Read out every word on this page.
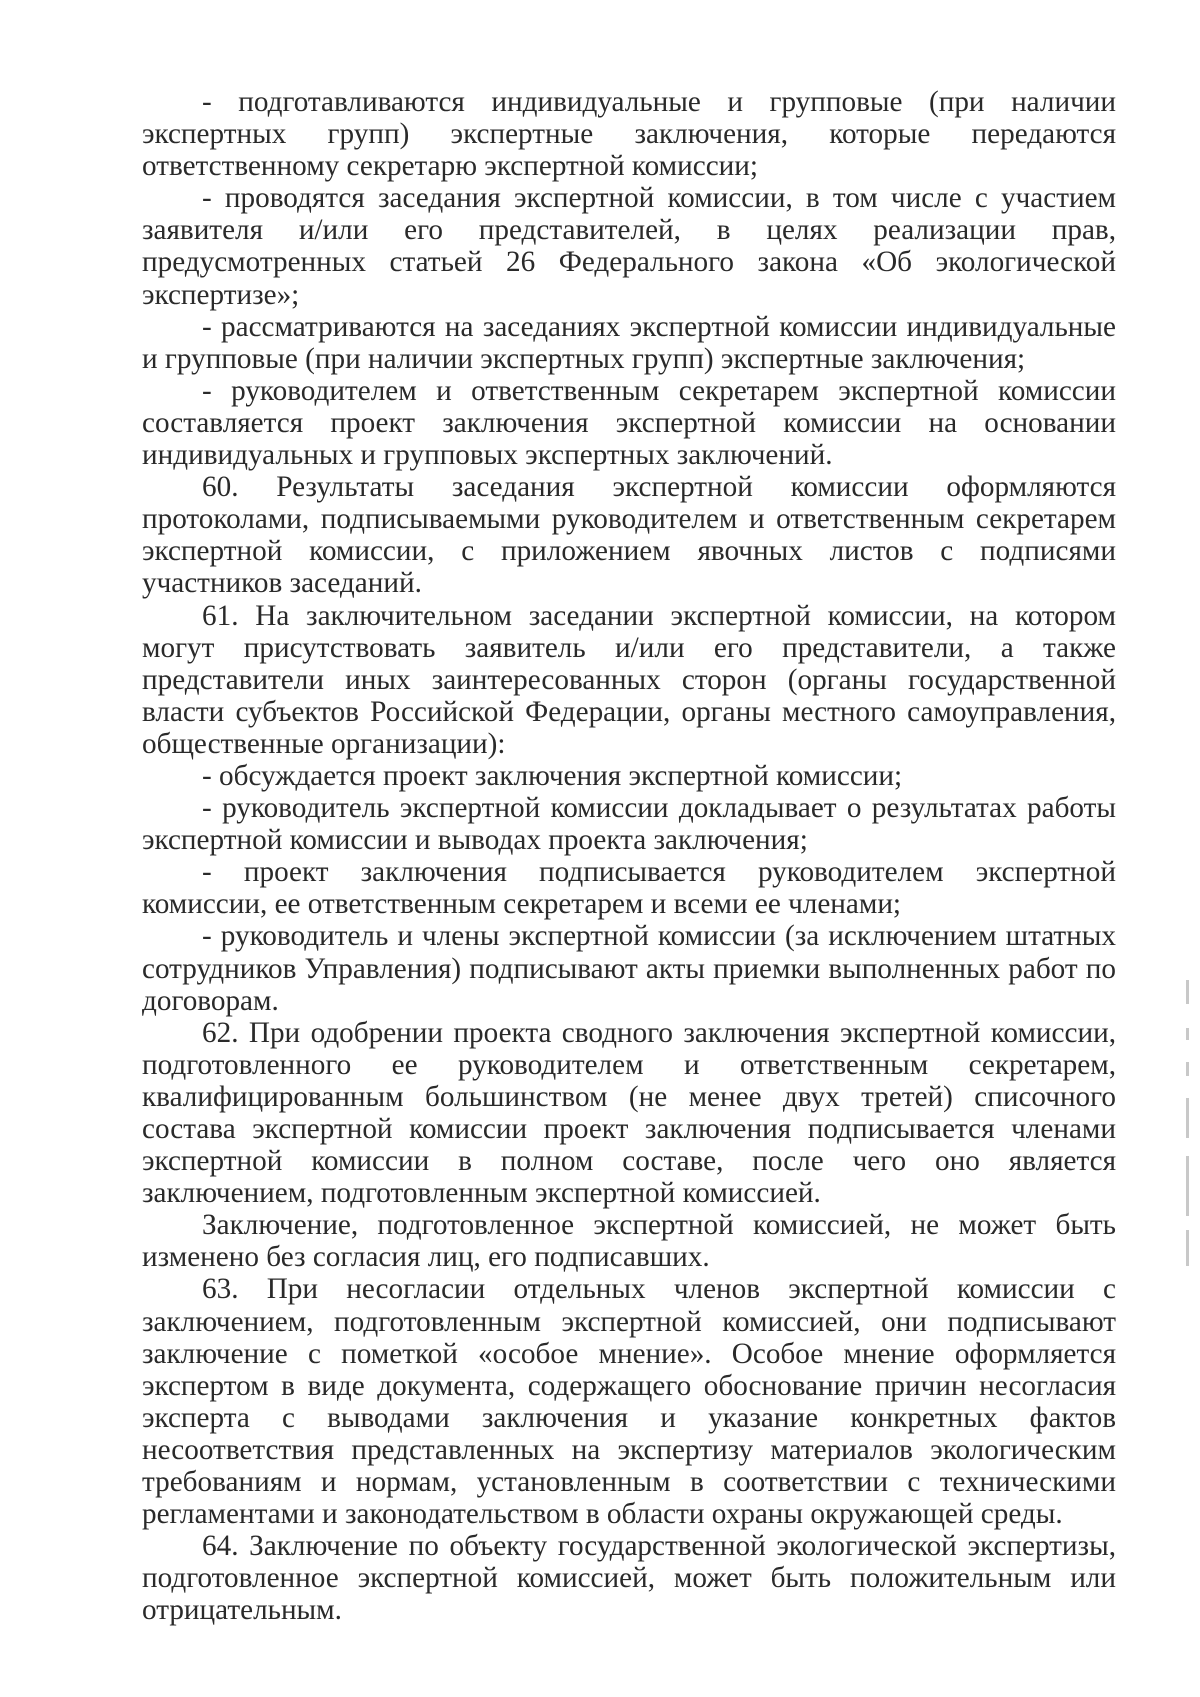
- подготавливаются индивидуальные и групповые (при наличии экспертных групп) экспертные заключения, которые передаются ответственному секретарю экспертной комиссии;

- проводятся заседания экспертной комиссии, в том числе с участием заявителя и/или его представителей, в целях реализации прав, предусмотренных статьей 26 Федерального закона «Об экологической экспертизе»;

- рассматриваются на заседаниях экспертной комиссии индивидуальные и групповые (при наличии экспертных групп) экспертные заключения;

- руководителем и ответственным секретарем экспертной комиссии составляется проект заключения экспертной комиссии на основании индивидуальных и групповых экспертных заключений.

60. Результаты заседания экспертной комиссии оформляются протоколами, подписываемыми руководителем и ответственным секретарем экспертной комиссии, с приложением явочных листов с подписями участников заседаний.

61. На заключительном заседании экспертной комиссии, на котором могут присутствовать заявитель и/или его представители, а также представители иных заинтересованных сторон (органы государственной власти субъектов Российской Федерации, органы местного самоуправления, общественные организации):

- обсуждается проект заключения экспертной комиссии;

- руководитель экспертной комиссии докладывает о результатах работы экспертной комиссии и выводах проекта заключения;

- проект заключения подписывается руководителем экспертной комиссии, ее ответственным секретарем и всеми ее членами;

- руководитель и члены экспертной комиссии (за исключением штатных сотрудников Управления) подписывают акты приемки выполненных работ по договорам.

62. При одобрении проекта сводного заключения экспертной комиссии, подготовленного ее руководителем и ответственным секретарем, квалифицированным большинством (не менее двух третей) списочного состава экспертной комиссии проект заключения подписывается членами экспертной комиссии в полном составе, после чего оно является заключением, подготовленным экспертной комиссией.

Заключение, подготовленное экспертной комиссией, не может быть изменено без согласия лиц, его подписавших.

63. При несогласии отдельных членов экспертной комиссии с заключением, подготовленным экспертной комиссией, они подписывают заключение с пометкой «особое мнение». Особое мнение оформляется экспертом в виде документа, содержащего обоснование причин несогласия эксперта с выводами заключения и указание конкретных фактов несоответствия представленных на экспертизу материалов экологическим требованиям и нормам, установленным в соответствии с техническими регламентами и законодательством в области охраны окружающей среды.

64. Заключение по объекту государственной экологической экспертизы, подготовленное экспертной комиссией, может быть положительным или отрицательным.
